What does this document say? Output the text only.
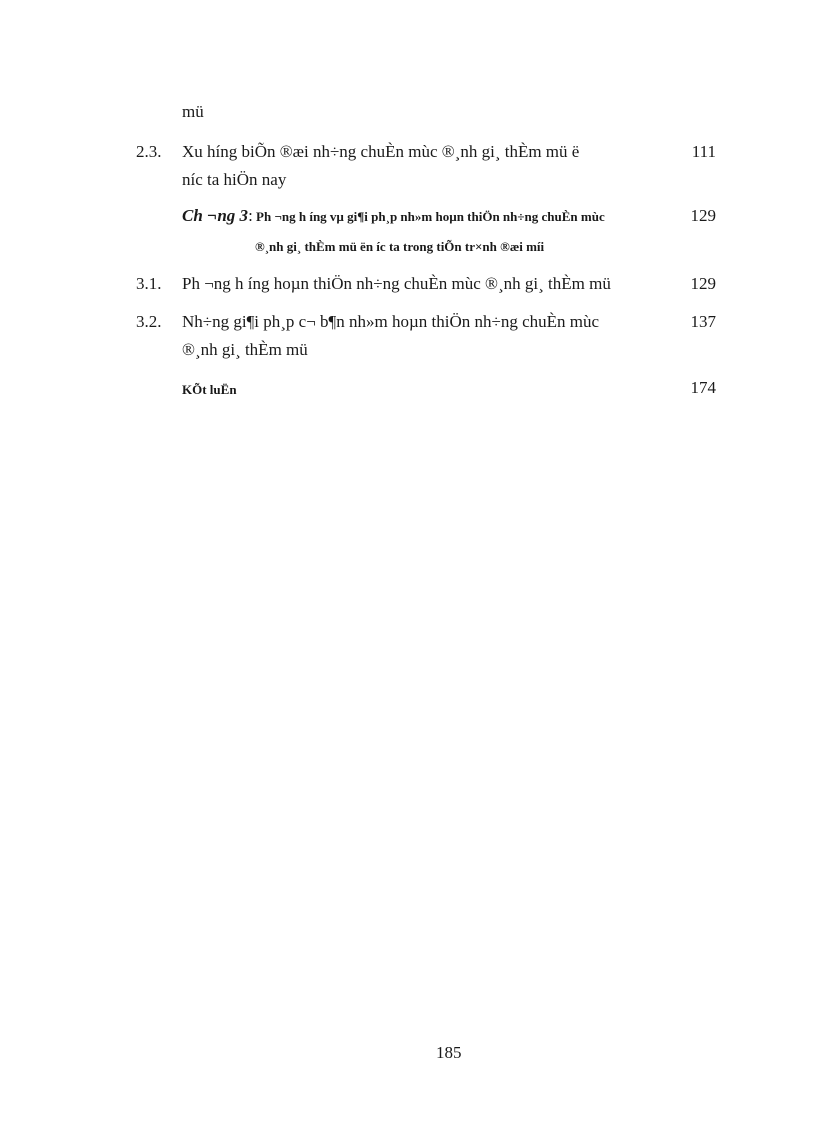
mü
2.3. Xu híng biÕn ®æi nh÷ng chuÈn mùc ®¸nh gi¸ thÈm mü ë	111
níc ta hiÖn nay
Ch ¬ng 3: Ph ¬ng h íng vµ gi¶i ph¸p nh»m hoµn thiÖn nh÷ng chuÈn mùc	129
®¸nh gi¸ thÈm mü ën íc ta trong tiÕn tr×nh ®æi míi
3.1. Ph ¬ng h íng hoµn thiÖn nh÷ng chuÈn mùc ®¸nh gi¸ thÈm mü	129
3.2. Nh÷ng gi¶i ph¸p c¬ b¶n nh»m hoµn thiÖn nh÷ng chuÈn mùc	137
®¸nh gi¸ thÈm mü
KÕt luËn	174
185
